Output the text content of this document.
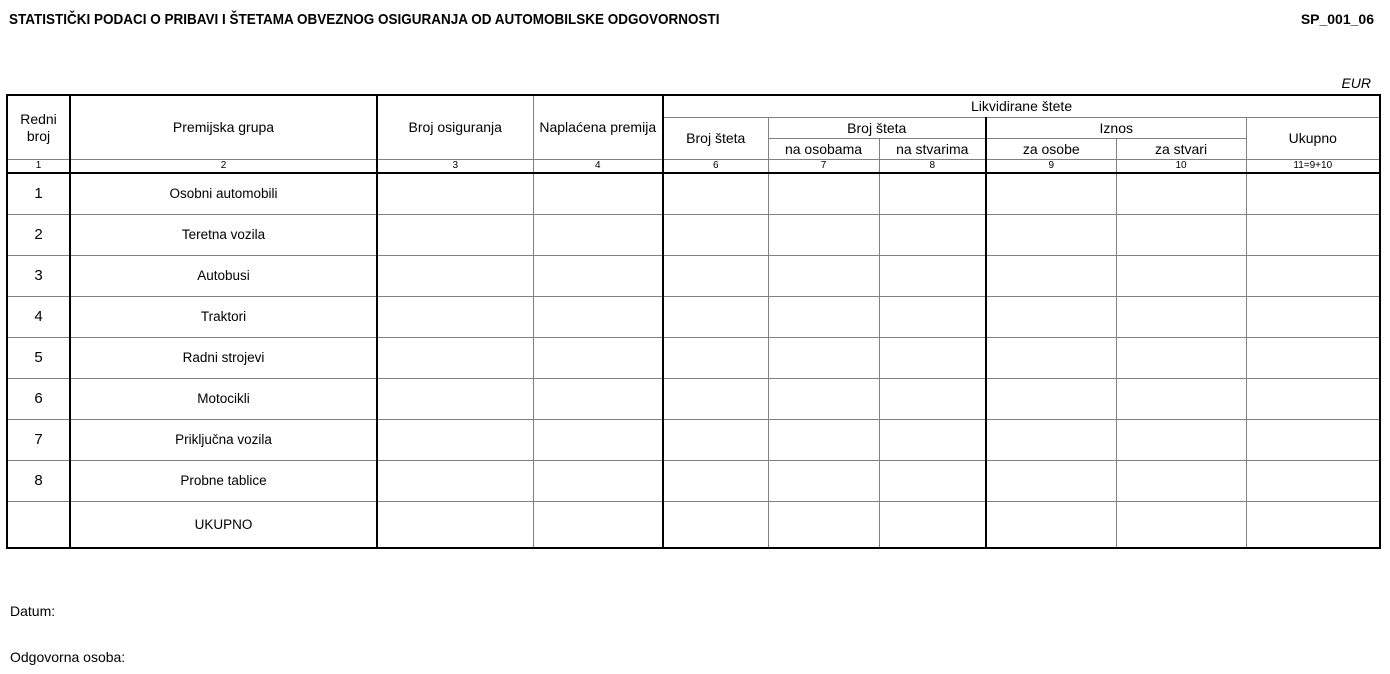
STATISTIČKI PODACI O PRIBAVI I ŠTETAMA OBVEZNOG OSIGURANJA OD AUTOMOBILSKE ODGOVORNOSTI	SP_001_06
EUR
Redni broj	Premijska grupa	Broj osiguranja	Naplaćena premija	Likvidirane štete					
				Broj šteta	Broj šteta		Iznos		Ukupno
					na osobama	na stvarima	za osobe	za stvari	
1	2	3	4	6	7	8	9	10	11=9+10
1	Osobni automobili								
2	Teretna vozila								
3	Autobusi								
4	Traktori								
5	Radni strojevi								
6	Motocikli								
7	Priključna vozila								
8	Probne tablice								
	UKUPNO								
Datum:
Odgovorna osoba:
